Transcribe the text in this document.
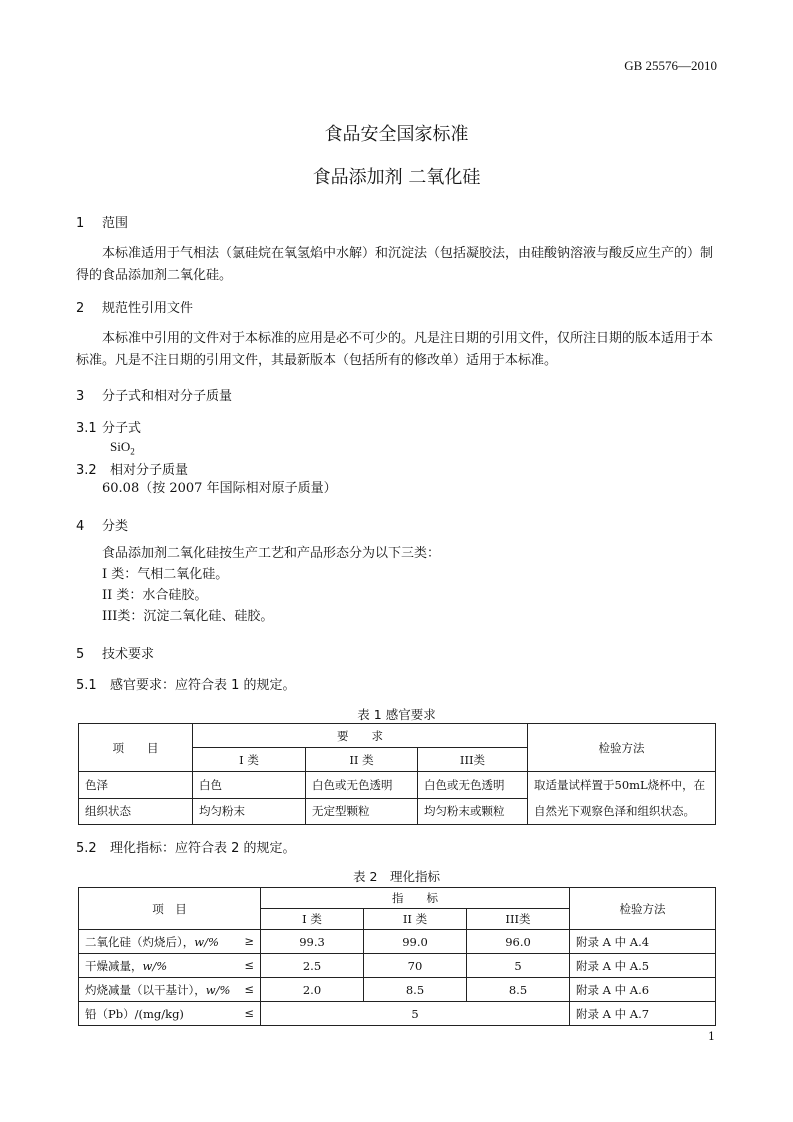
GB 25576—2010
食品安全国家标准
食品添加剂 二氧化硅
1 范围
本标准适用于气相法（氯硅烷在氧氢焰中水解）和沉淀法（包括凝胶法，由硅酸钠溶液与酸反应生产的）制得的食品添加剂二氧化硅。
2 规范性引用文件
本标准中引用的文件对于本标准的应用是必不可少的。凡是注日期的引用文件，仅所注日期的版本适用于本标准。凡是不注日期的引用文件，其最新版本（包括所有的修改单）适用于本标准。
3 分子式和相对分子质量
3.1 分子式
SiO$_2$
3.2 相对分子质量
60.08（按 2007 年国际相对原子质量）
4 分类
食品添加剂二氧化硅按生产工艺和产品形态分为以下三类：
I 类：气相二氧化硅。
II 类：水合硅胶。
III类：沉淀二氧化硅、硅胶。
5 技术要求
5.1 感官要求：应符合表 1 的规定。
表 1 感官要求
项　　目	要　　求			检验方法
	I 类	II 类	III类	
色泽	白色	白色或无色透明	白色或无色透明	取适量试样置于50mL烧杯中，在
自然光下观察色泽和组织状态。

组织状态	均匀粉末	无定型颗粒	均匀粉末或颗粒	
5.2 理化指标：应符合表 2 的规定。
表 2　理化指标
项　目	指　　标			检验方法
	I 类	II 类	III类	
二氧化硅（灼烧后），w/% ≥	99.3	99.0	96.0	附录 A 中 A.4
干燥减量，w/% ≤	2.5	70	5	附录 A 中 A.5
灼烧减量（以干基计），w/% ≤	2.0	8.5	8.5	附录 A 中 A.6
铅（Pb）/(mg/kg) ≤	5			附录 A 中 A.7
1
